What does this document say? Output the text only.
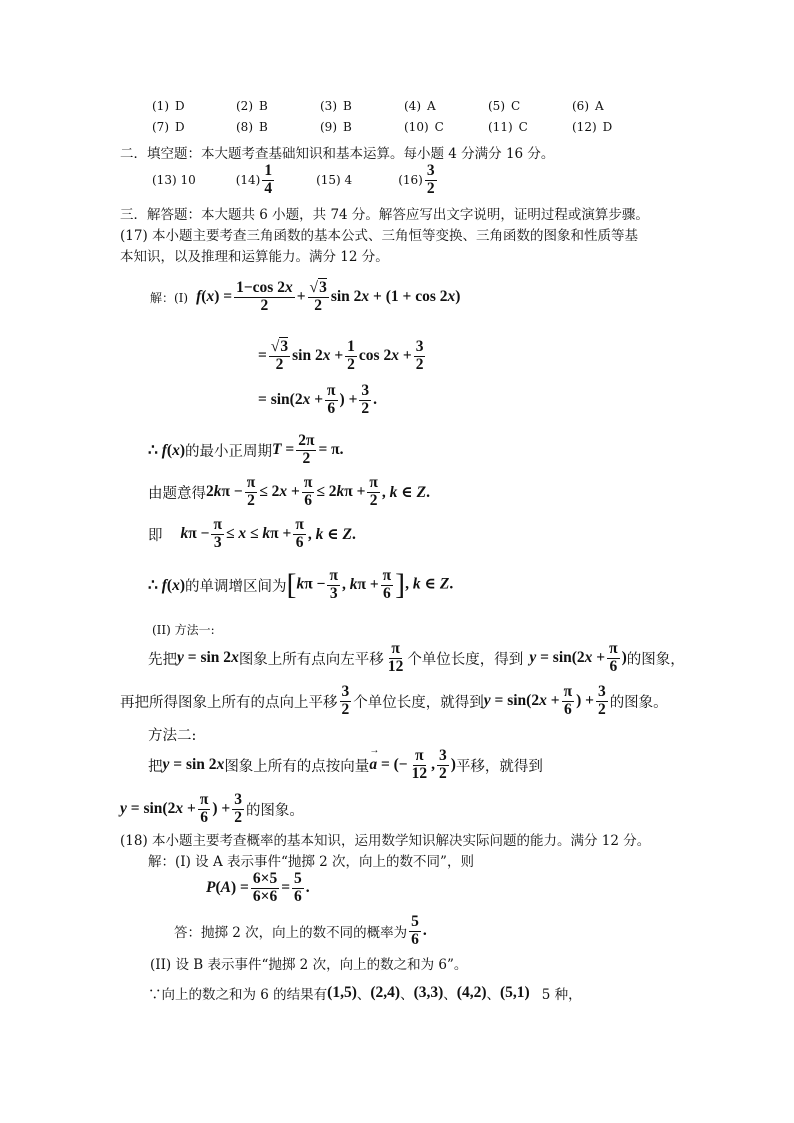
(1) D	(2) B	(3) B	(4) A	(5) C	(6) A
(7) D	(8) B	(9) B	(10) C	(11) C	(12) D
二．填空题：本大题考查基础知识和基本运算。每小题 4 分满分 16 分。
(13) 10	$(14) \frac{1}{4}$	(15) 4	$(16) \frac{3}{2}$
三．解答题：本大题共 6 小题，共 74 分。解答应写出文字说明，证明过程或演算步骤。
(17) 本小题主要考查三角函数的基本公式、三角恒等变换、三角函数的图象和性质等基
本知识，以及推理和运算能力。满分 12 分。
解：(I) $f(x) = \frac{1-\cos 2x}{2} + \frac{√3}{2}$ sin 2x + (1 + cos 2x)
= $\frac{√3}{2}$ $\sin 2x + \frac{1}{2}$ $\cos 2x + \frac{3}{2}$
= $\sin(2x + \frac{\pi}{6}$ ) + $\frac{3}{2}$ .
∴ f(x) 的最小正周期 $T = \frac{2\pi}{2} = \pi$.
由题意得 $2k\pi - \frac{\pi}{2} \le 2x + \frac{\pi}{6} \le 2k\pi + \frac{\pi}{2}$ , k ∈ Z.
即 $k\pi - \frac{\pi}{3} \le x \le k\pi + \frac{\pi}{6}$ , k ∈ Z.
∴ f(x) 的单调增区间为 [$k\pi - \frac{\pi}{3}$ , $k\pi + \frac{\pi}{6}$ ], k ∈ Z.
(II) 方法一:
先把 y = sin 2x 图象上所有点向左平移 $\frac{\pi}{12}$ 个单位长度，得到 $y = \sin(2x + \frac{\pi}{6}$ ) 的图象，
再把所得图象上所有的点向上平移 $\frac{3}{2}$ 个单位长度，就得到 $y = \sin(2x + \frac{\pi}{6}$ ) + $\frac{3}{2}$ 的图象。
方法二:
把 y = sin 2x 图象上所有的点按向量
→ a = (− $\frac{\pi}{12}$ , $\frac{3}{2}$ ) 平移，就得到
$y = \sin(2x + \frac{\pi}{6}$ ) + $\frac{3}{2}$ 的图象。
(18) 本小题主要考查概率的基本知识，运用数学知识解决实际问题的能力。满分 12 分。
解：(I) 设 A 表示事件“抛掷 2 次，向上的数不同”，则
$P(A) = \frac{6\times 5}{6\times 6} = \frac{5}{6}$ .
答：抛掷 2 次，向上的数不同的概率为 $\frac{5}{6}$ .
(II) 设 B 表示事件“抛掷 2 次，向上的数之和为 6”。
∵向上的数之和为 6 的结果有 (1,5) 、 (2,4) 、 (3,3) 、 (4,2) 、 (5,1) 5 种，
